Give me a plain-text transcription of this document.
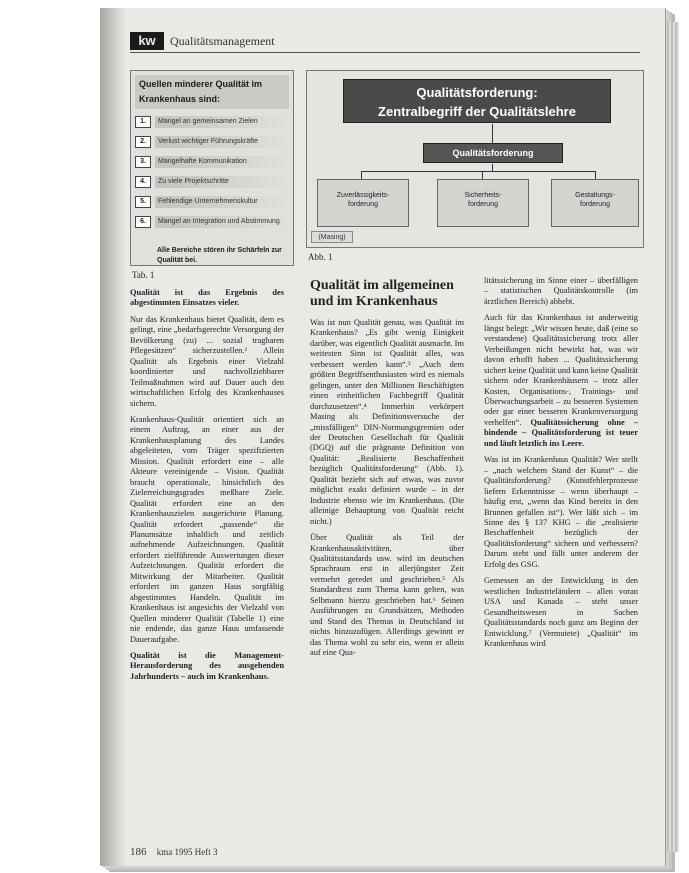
kw	Qualitätsmanagement
Quellen minderer Qualität im Krankenhaus sind:
1.	Mangel an gemeinsamen Zielen
2.	Verlust wichtiger Führungskräfte
3.	Mangelhafte Kommunikation
4.	Zu viele Projektschritte
5.	Fehlendige Unternehmenskultur
6.	Mangel an Integration und Abstimmung
Alle Bereiche stören ihr Schärfeln zur Qualität bei.
Tab. 1
Qualitätsforderung:
Zentralbegriff der Qualitätslehre
Qualitätsforderung
Zuverlässigkeits-
forderung
Sicherheits-
forderung
Gestaltungs-
forderung
(Masing)
Abb. 1

Qualität ist das Ergebnis des abgestimmten Einsatzes vieler.

Nur das Krankenhaus bietet Qualität, dem es gelingt, eine „bedarfsgerechte Versorgung der Bevölkerung (zu) ... sozial tragbaren Pflegesätzen“ sicherzustellen.² Allein Qualität als Ergebnis einer Vielzahl koordinierter und nachvollziehbarer Teilmaßnahmen wird auf Dauer auch den wirtschaftlichen Erfolg des Krankenhauses sichern.

Krankenhaus-Qualität orientiert sich an einem Auftrag, an einer aus der Krankenhausplanung des Landes abgeleiteten, vom Träger spezifizierten Mission. Qualität erfordert eine – alle Akteure vereinigende – Vision. Qualität braucht operationale, hinsichtlich des Zielerreichungsgrades meßbare Ziele. Qualität erfordert eine an den Krankenhauszielen ausgerichtete Planung. Qualität erfordert „passende“ die Planumsätze inhaltlich und zeitlich aufnehmende Aufzeichnungen. Qualität erfordert zielführende Auswertungen dieser Aufzeichnungen. Qualität erfordert die Mitwirkung der Mitarbeiter. Qualität erfordert im ganzen Haus sorgfältig abgestimmtes Handeln. Qualität im Krankenhaus ist angesichts der Vielzahl von Quellen minderer Qualität (Tabelle 1) eine nie endende, das ganze Haus umfassende Daueraufgabe.

Qualität ist die Management-Herausforderung des ausgehenden Jahrhunderts – auch im Krankenhaus.

Qualität im allgemeinen und im Krankenhaus

Was ist nun Qualität genau, was Qualität im Krankenhaus? „Es gibt wenig Einigkeit darüber, was eigentlich Qualität ausmacht. Im weitesten Sinn ist Qualität alles, was verbessert werden kann“.³ „Auch dem größten Begriffsenthusiasten wird es niemals gelingen, unter den Millionen Beschäftigten einen einheitlichen Fachbegriff Qualität durchzusetzen“.⁴ Immerhin verkörpert Masing als Definitionsversuche der „missfälligen“ DIN-Normungsgremien oder der Deutschen Gesellschaft für Qualität (DGQ) auf die prägnante Definition von Qualität: „Realisierte Beschaffenheit bezüglich Qualitätsforderung“ (Abb. 1). Qualität bezieht sich auf etwas, was zuvor möglichst exakt definiert wurde – in der Industrie ebenso wie im Krankenhaus. (Die alleinige Behauptung von Qualität reicht nicht.)

Über Qualität als Teil der Krankenhausaktivitäten, über Qualitätsstandards usw. wird im deutschen Sprachraum erst in allerjüngster Zeit vermehrt geredet und geschrieben.⁵ Als Standardtext zum Thema kann gelten, was Selbmann hierzu geschrieben hat.⁶ Seinen Ausführungen zu Grundsätzen, Methoden und Stand des Themas in Deutschland ist nichts hinzuzufügen. Allerdings gewinnt er das Thema wohl zu sehr ein, wenn er allein auf eine Qua-

litätssicherung im Sinne einer – überfälligen – statistischen Qualitätskontrolle (im ärztlichen Bereich) abhebt.

Auch für das Krankenhaus ist anderweitig längst belegt: „Wir wissen heute, daß (eine so verstandene) Qualitätssicherung trotz aller Verheißungen nicht bewirkt hat, was wir davon erhofft haben ... Qualitätssicherung sichert keine Qualität und kann keine Qualität sichern oder Krankenhäusern – trotz aller Kosten, Organisations-, Trainings- und Überwachungsarbeit – zu besseren Systemen oder gar einer besseren Krankenversorgung verhelfen“. Qualitätssicherung ohne – bindende – Qualitätsforderung ist teuer und läuft letztlich ins Leere.

Was ist im Krankenhaus Qualität? Wer stellt – „nach welchem Stand der Kunst“ – die Qualitätsforderung? (Kunstfehlerprozesse liefern Erkenntnisse – wenn überhaupt – häufig erst, „wenn das Kind bereits in den Brunnen gefallen ist“). Wer läßt sich – im Sinne des § 137 KHG – die „realisierte Beschaffenheit bezüglich der Qualitätsforderung“ sichern und verbessern? Darum steht und fällt unter anderem der Erfolg des GSG.

Gemessen an der Entwicklung in den westlichen Industrieländern – allen voran USA und Kanada – steht unser Gesundheitswesen in Sachen Qualitätsstandards noch ganz am Beginn der Entwicklung.⁷ (Vermutete) „Qualität“ im Krankenhaus wird

186 kma 1995 Heft 3
